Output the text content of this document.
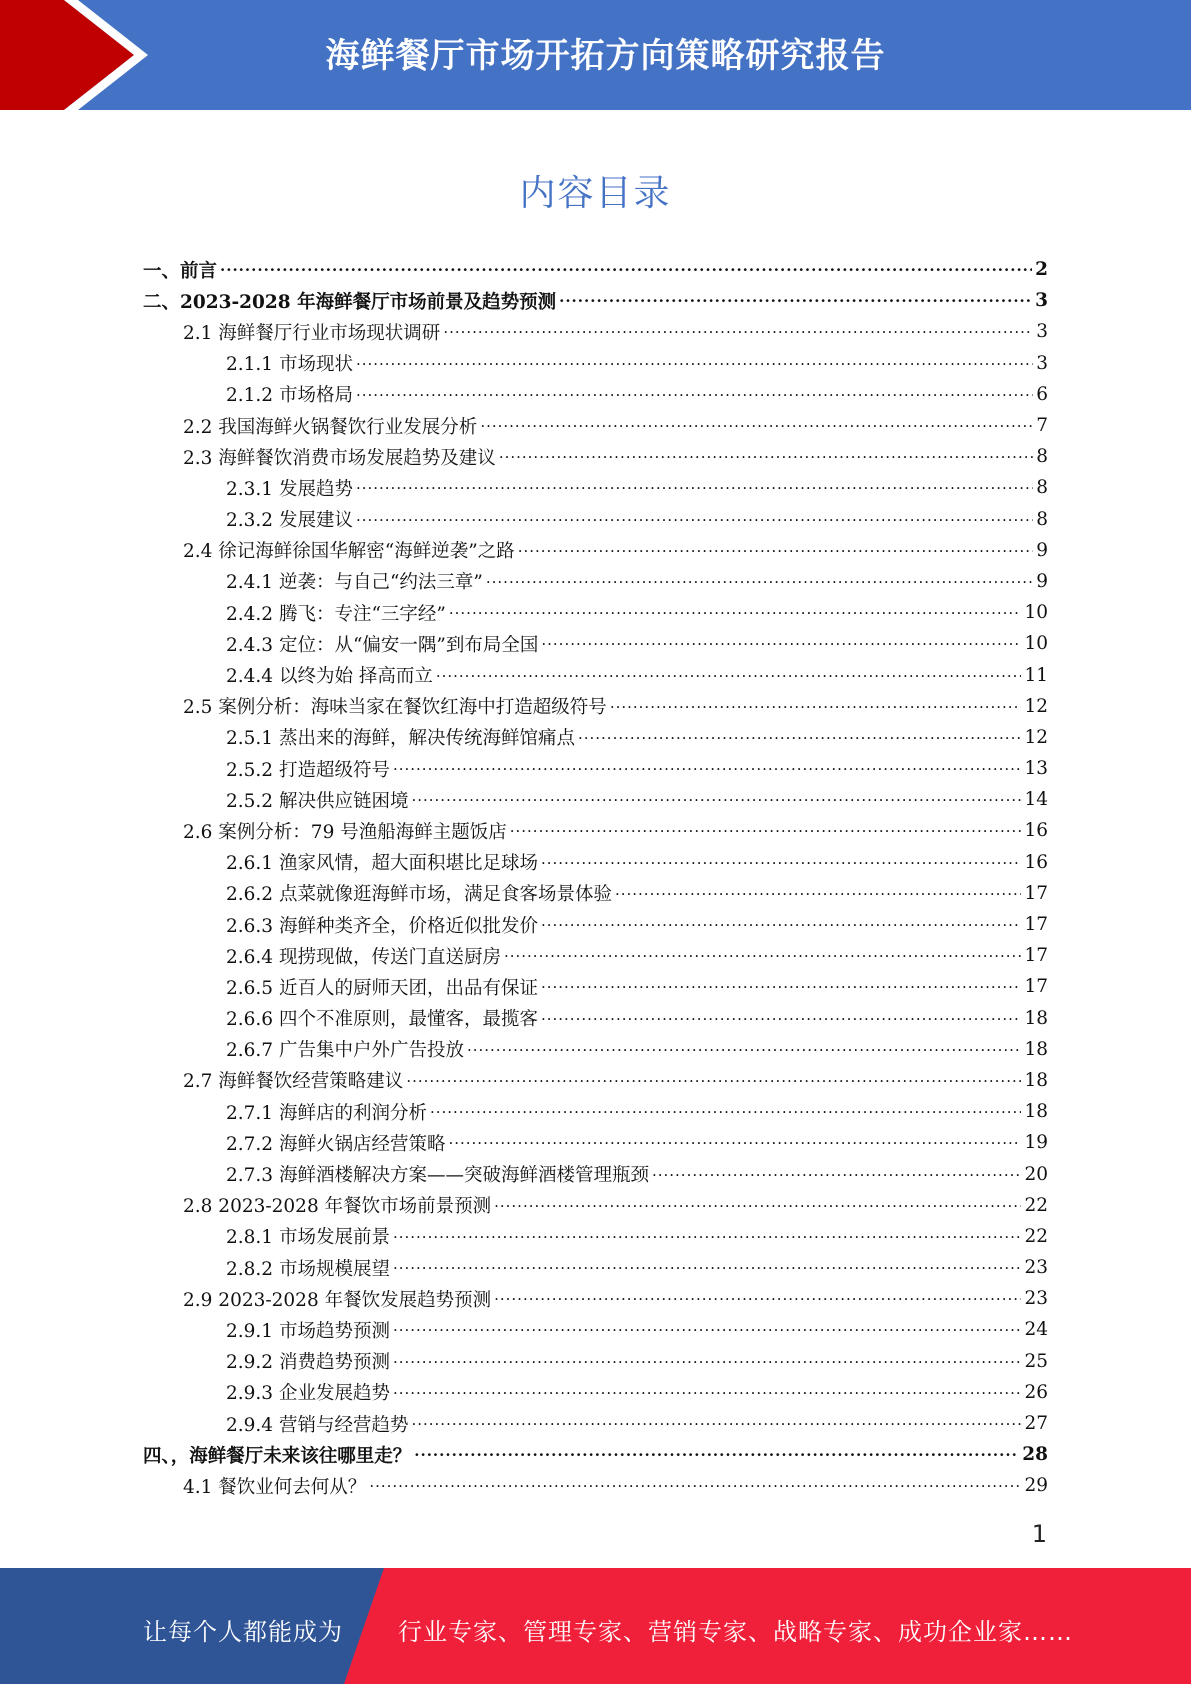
海鲜餐厅市场开拓方向策略研究报告
内容目录
一、前言 .....	2
二、2023-2028 年海鲜餐厅市场前景及趋势预测 .....	3
2.1 海鲜餐厅行业市场现状调研 .....	3
2.1.1 市场现状 .....	3
2.1.2 市场格局 .....	6
2.2 我国海鲜火锅餐饮行业发展分析 .....	7
2.3 海鲜餐饮消费市场发展趋势及建议 .....	8
2.3.1 发展趋势 .....	8
2.3.2 发展建议 .....	8
2.4 徐记海鲜徐国华解密“海鲜逆袭”之路 .....	9
2.4.1 逆袭：与自己“约法三章” .....	9
2.4.2 腾飞：专注“三字经” .....	10
2.4.3 定位：从“偏安一隅”到布局全国 .....	10
2.4.4 以终为始 择高而立 .....	11
2.5 案例分析：海味当家在餐饮红海中打造超级符号 .....	12
2.5.1 蒸出来的海鲜，解决传统海鲜馆痛点 .....	12
2.5.2 打造超级符号 .....	13
2.5.2 解决供应链困境 .....	14
2.6 案例分析：79 号渔船海鲜主题饭店 .....	16
2.6.1 渔家风情，超大面积堪比足球场 .....	16
2.6.2 点菜就像逛海鲜市场，满足食客场景体验 .....	17
2.6.3 海鲜种类齐全，价格近似批发价 .....	17
2.6.4 现捞现做，传送门直送厨房 .....	17
2.6.5 近百人的厨师天团，出品有保证 .....	17
2.6.6 四个不准原则，最懂客，最揽客 .....	18
2.6.7 广告集中户外广告投放 .....	18
2.7 海鲜餐饮经营策略建议 .....	18
2.7.1 海鲜店的利润分析 .....	18
2.7.2 海鲜火锅店经营策略 .....	19
2.7.3 海鲜酒楼解决方案——突破海鲜酒楼管理瓶颈 .....	20
2.8 2023-2028 年餐饮市场前景预测 .....	22
2.8.1 市场发展前景 .....	22
2.8.2 市场规模展望 .....	23
2.9 2023-2028 年餐饮发展趋势预测 .....	23
2.9.1 市场趋势预测 .....	24
2.9.2 消费趋势预测 .....	25
2.9.3 企业发展趋势 .....	26
2.9.4 营销与经营趋势 .....	27
四、，海鲜餐厅未来该往哪里走？ .....	28
4.1 餐饮业何去何从？ .....	29
1
让每个人都能成为 行业专家、管理专家、营销专家、战略专家、成功企业家……
